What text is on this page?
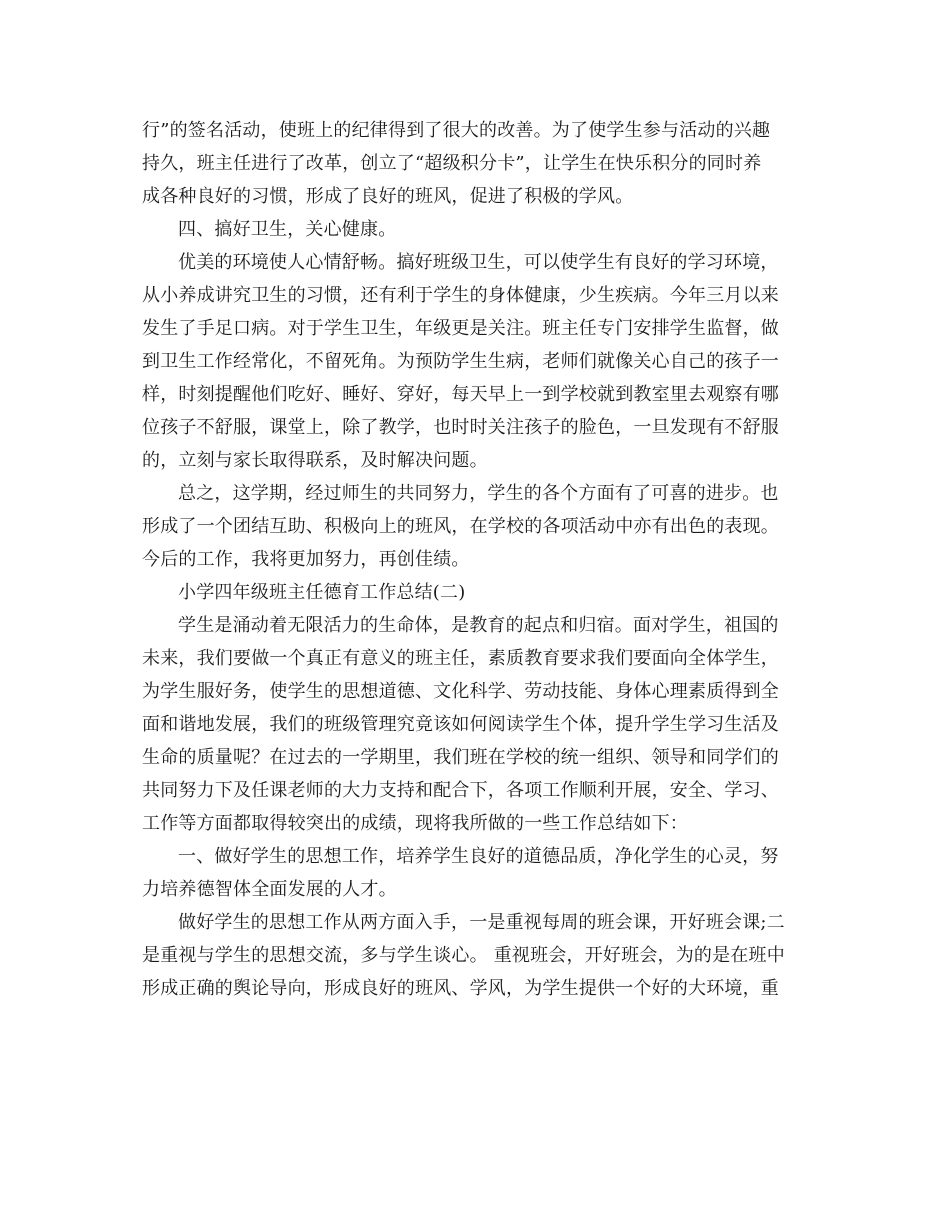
行”的签名活动，使班上的纪律得到了很大的改善。为了使学生参与活动的兴趣
持久，班主任进行了改革，创立了“超级积分卡”，让学生在快乐积分的同时养
成各种良好的习惯，形成了良好的班风，促进了积极的学风。
四、搞好卫生，关心健康。
优美的环境使人心情舒畅。搞好班级卫生，可以使学生有良好的学习环境，
从小养成讲究卫生的习惯，还有利于学生的身体健康，少生疾病。今年三月以来
发生了手足口病。对于学生卫生，年级更是关注。班主任专门安排学生监督，做
到卫生工作经常化，不留死角。为预防学生生病，老师们就像关心自己的孩子一
样，时刻提醒他们吃好、睡好、穿好，每天早上一到学校就到教室里去观察有哪
位孩子不舒服，课堂上，除了教学，也时时关注孩子的脸色，一旦发现有不舒服
的，立刻与家长取得联系，及时解决问题。
总之，这学期，经过师生的共同努力，学生的各个方面有了可喜的进步。也
形成了一个团结互助、积极向上的班风，在学校的各项活动中亦有出色的表现。
今后的工作，我将更加努力，再创佳绩。
小学四年级班主任德育工作总结(二)
学生是涌动着无限活力的生命体，是教育的起点和归宿。面对学生，祖国的
未来，我们要做一个真正有意义的班主任，素质教育要求我们要面向全体学生，
为学生服好务，使学生的思想道德、文化科学、劳动技能、身体心理素质得到全
面和谐地发展，我们的班级管理究竟该如何阅读学生个体，提升学生学习生活及
生命的质量呢？在过去的一学期里，我们班在学校的统一组织、领导和同学们的
共同努力下及任课老师的大力支持和配合下，各项工作顺利开展，安全、学习、
工作等方面都取得较突出的成绩，现将我所做的一些工作总结如下：
一、做好学生的思想工作，培养学生良好的道德品质，净化学生的心灵，努
力培养德智体全面发展的人才。
做好学生的思想工作从两方面入手，一是重视每周的班会课，开好班会课;二
是重视与学生的思想交流，多与学生谈心。 重视班会，开好班会，为的是在班中
形成正确的舆论导向，形成良好的班风、学风，为学生提供一个好的大环境，重
